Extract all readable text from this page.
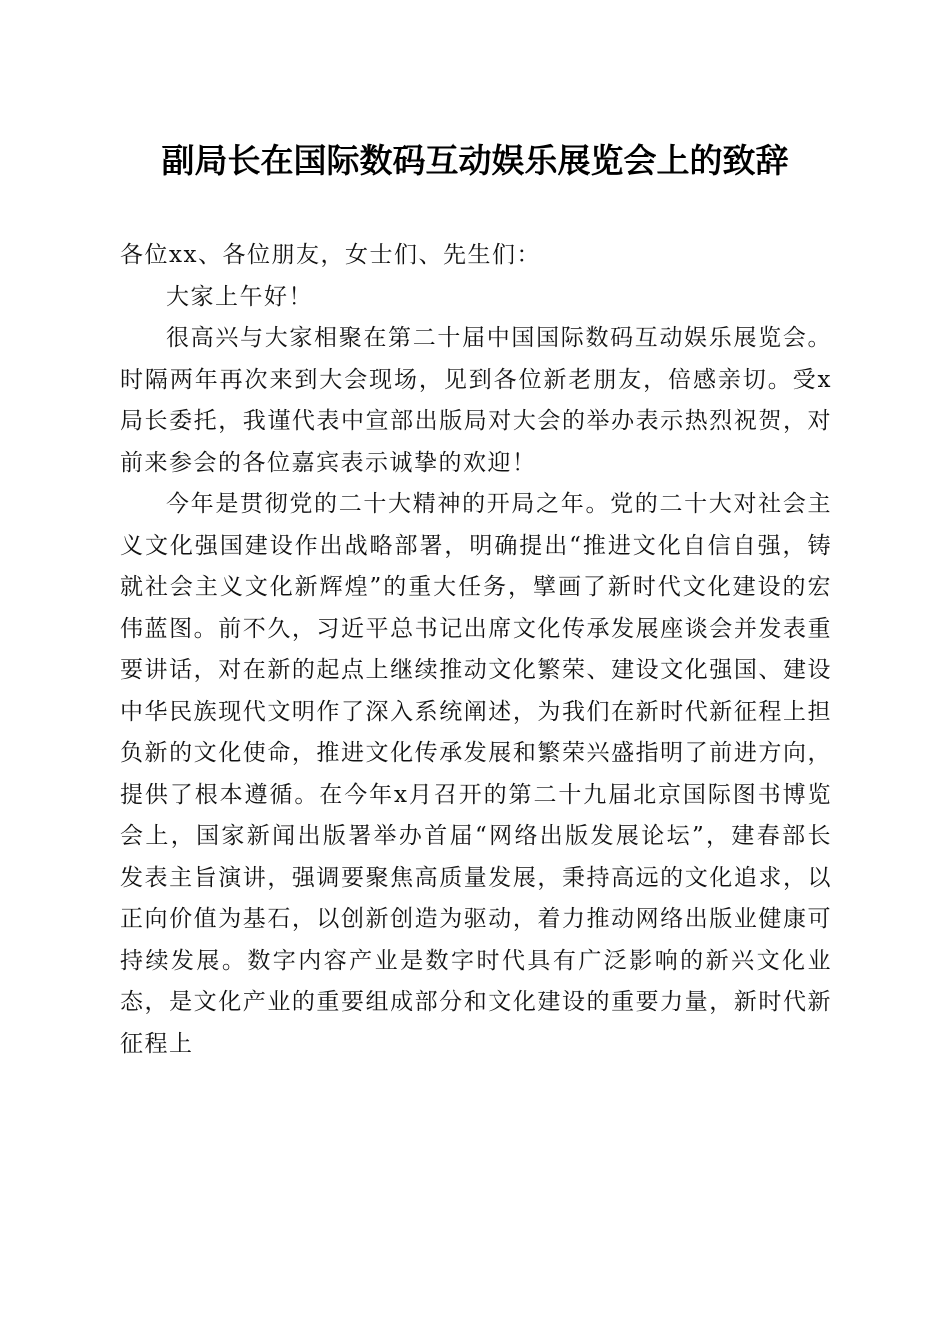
副局长在国际数码互动娱乐展览会上的致辞

各位xx、各位朋友，女士们、先生们：

大家上午好！

很高兴与大家相聚在第二十届中国国际数码互动娱乐展览会。时隔两年再次来到大会现场，见到各位新老朋友，倍感亲切。受x局长委托，我谨代表中宣部出版局对大会的举办表示热烈祝贺，对前来参会的各位嘉宾表示诚挚的欢迎！

今年是贯彻党的二十大精神的开局之年。党的二十大对社会主义文化强国建设作出战略部署，明确提出“推进文化自信自强，铸就社会主义文化新辉煌”的重大任务，擘画了新时代文化建设的宏伟蓝图。前不久，习近平总书记出席文化传承发展座谈会并发表重要讲话，对在新的起点上继续推动文化繁荣、建设文化强国、建设中华民族现代文明作了深入系统阐述，为我们在新时代新征程上担负新的文化使命，推进文化传承发展和繁荣兴盛指明了前进方向，提供了根本遵循。在今年x月召开的第二十九届北京国际图书博览会上，国家新闻出版署举办首届“网络出版发展论坛”，建春部长发表主旨演讲，强调要聚焦高质量发展，秉持高远的文化追求，以正向价值为基石，以创新创造为驱动，着力推动网络出版业健康可持续发展。数字内容产业是数字时代具有广泛影响的新兴文化业态，是文化产业的重要组成部分和文化建设的重要力量，新时代新征程上
